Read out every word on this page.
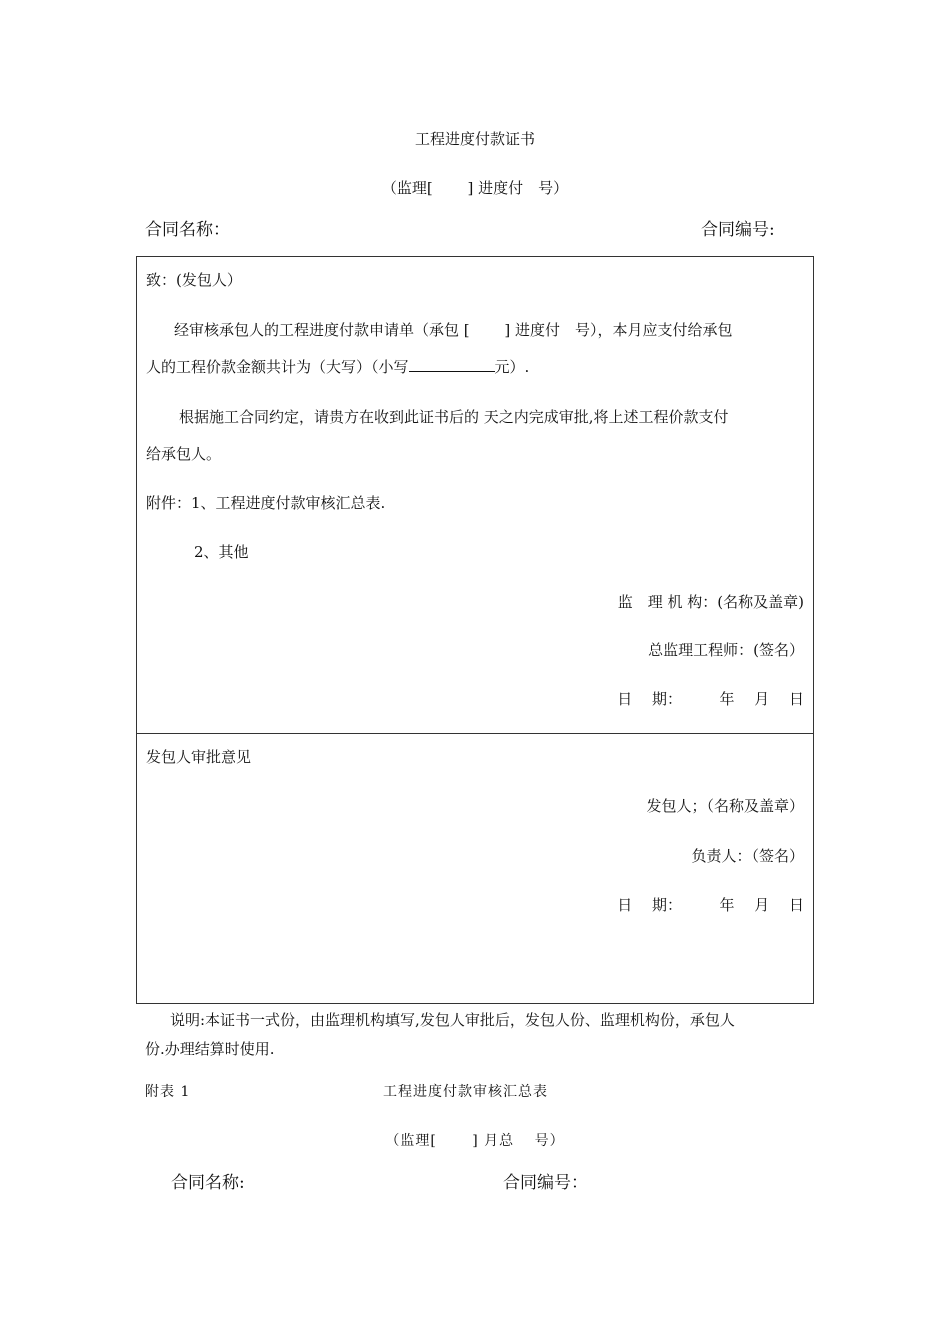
工程进度付款证书
（监理[　　 ] 进度付　号）
合同名称：	合同编号:
致：(发包人）
经审核承包人的工程进度付款申请单（承包 [　　 ] 进度付　号），本月应支付给承包
人的工程价款金额共计为（大写）（小写	元）.
根据施工合同约定，请贵方在收到此证书后的 天之内完成审批,将上述工程价款支付
给承包人。
附件：1、工程进度付款审核汇总表.
2、其他
监　理 机 构：(名称及盖章)
总监理工程师：(签名）
日　 期：　　　年　 月　 日
发包人审批意见
发包人；（名称及盖章）
负责人：（签名）
日　 期：　　　年　 月　 日
说明:本证书一式份，由监理机构填写,发包人审批后，发包人份、监理机构份，承包人
份.办理结算时使用.
附表 1	工程进度付款审核汇总表
（监理[　　 ] 月总　 号）
合同名称:	合同编号：
